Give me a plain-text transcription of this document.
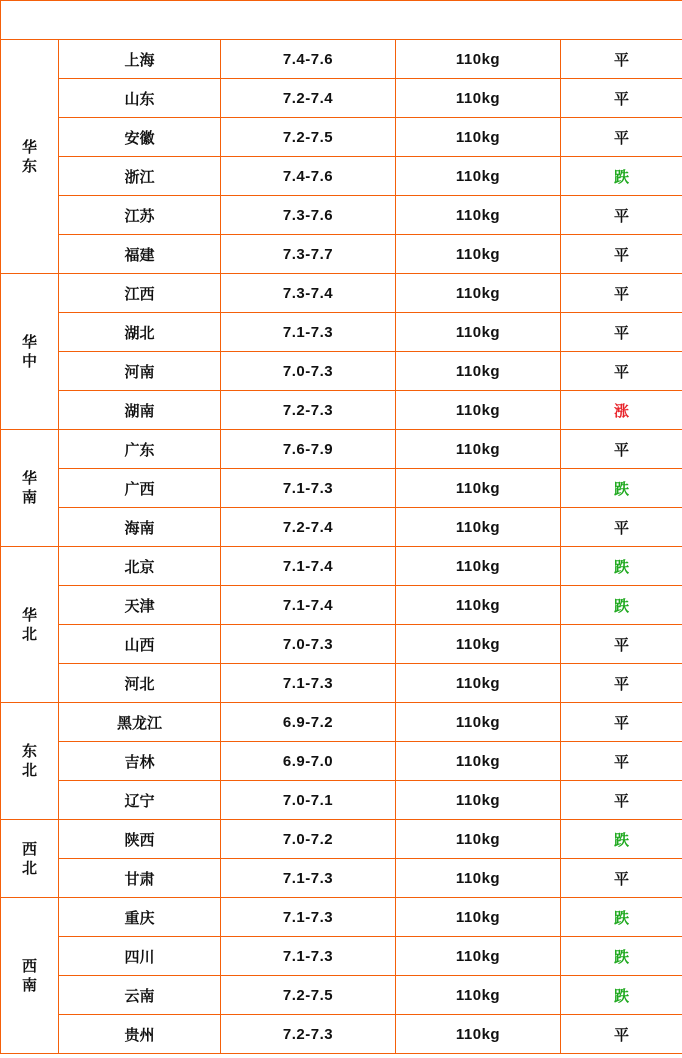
2025-3-29				

华东	上海	7.4-7.6	110kg	平
	山东	7.2-7.4	110kg	平
	安徽	7.2-7.5	110kg	平
	浙江	7.4-7.6	110kg	跌
	江苏	7.3-7.6	110kg	平
	福建	7.3-7.7	110kg	平

华中	江西	7.3-7.4	110kg	平
	湖北	7.1-7.3	110kg	平
	河南	7.0-7.3	110kg	平
	湖南	7.2-7.3	110kg	涨

华南	广东	7.6-7.9	110kg	平
	广西	7.1-7.3	110kg	跌
	海南	7.2-7.4	110kg	平

华北	北京	7.1-7.4	110kg	跌
	天津	7.1-7.4	110kg	跌
	山西	7.0-7.3	110kg	平
	河北	7.1-7.3	110kg	平

东北	黑龙江	6.9-7.2	110kg	平
	吉林	6.9-7.0	110kg	平
	辽宁	7.0-7.1	110kg	平

西北	陕西	7.0-7.2	110kg	跌
	甘肃	7.1-7.3	110kg	平

西南	重庆	7.1-7.3	110kg	跌
	四川	7.1-7.3	110kg	跌
	云南	7.2-7.5	110kg	跌
	贵州	7.2-7.3	110kg	平
